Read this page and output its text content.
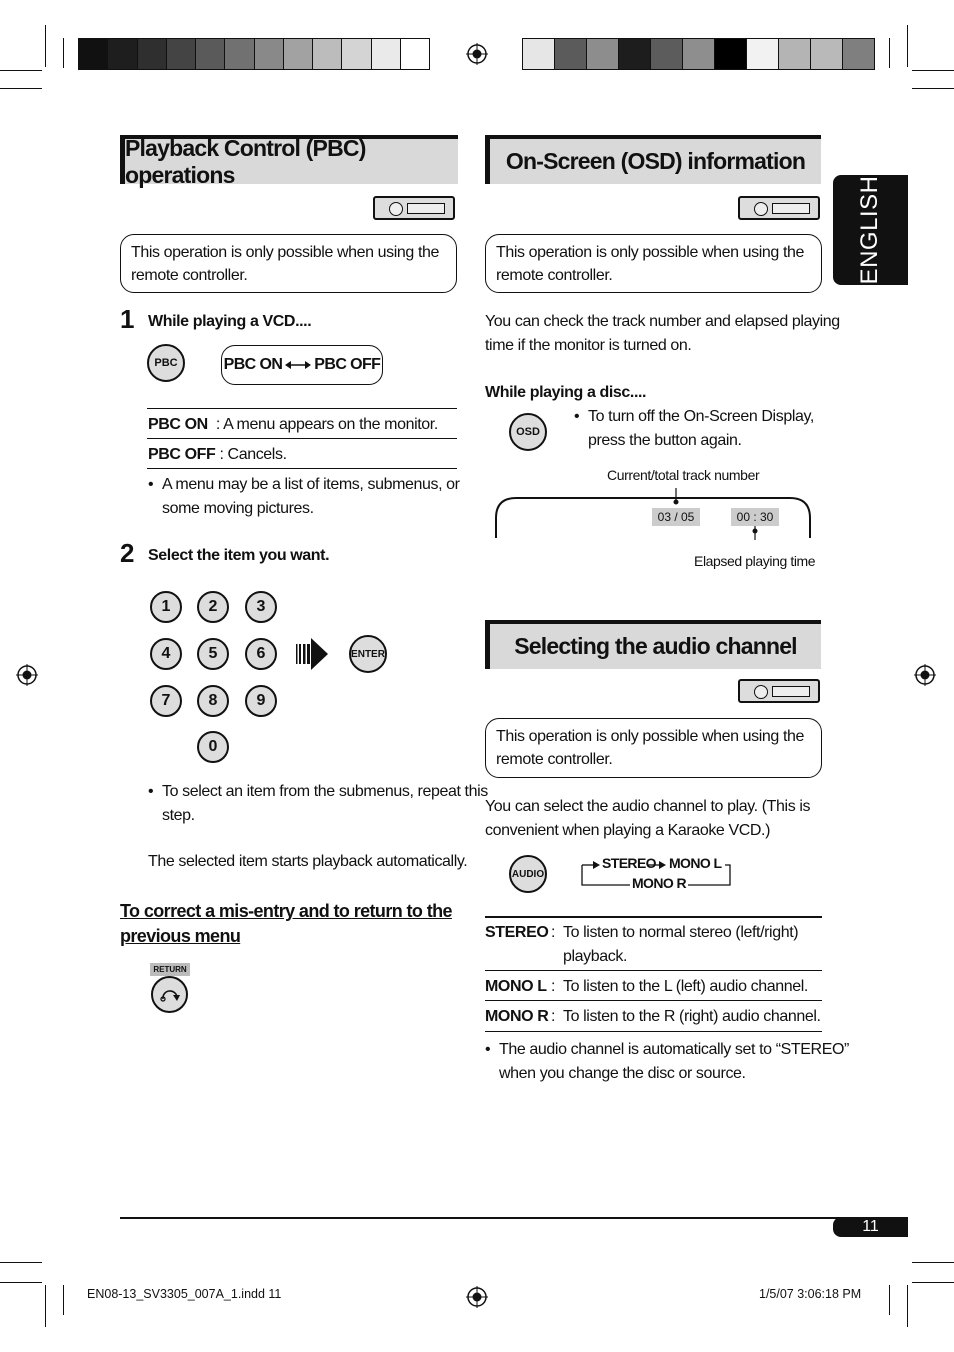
ENGLISH
Playback Control (PBC) operations
This operation is only possible when using the
remote controller.
1 While playing a VCD....
PBC	PBC ON PBC OFF
PBC ON : A menu appears on the monitor.
PBC OFF : Cancels.
• A menu may be a list of items, submenus, or
some moving pictures.
2 Select the item you want.
1	2	3
4	5	6
7	8	9
0
ENTER
• To select an item from the submenus, repeat this
step.
The selected item starts playback automatically.
To correct a mis-entry and to return to the
previous menu
RETURN
On-Screen (OSD) information
This operation is only possible when using the
remote controller.
You can check the track number and elapsed playing
time if the monitor is turned on.
While playing a disc....
OSD
• To turn off the On-Screen Display,
press the button again.
Current/total track number
03 / 05	00 : 30
Elapsed playing time
Selecting the audio channel
This operation is only possible when using the
remote controller.
You can select the audio channel to play. (This is
convenient when playing a Karaoke VCD.)
AUDIO
STEREO MONO L
MONO R
STEREO : To listen to normal stereo (left/right)
playback.
MONO L : To listen to the L (left) audio channel.
MONO R : To listen to the R (right) audio channel.
• The audio channel is automatically set to “STEREO”
when you change the disc or source.
11
EN08-13_SV3305_007A_1.indd 11	1/5/07 3:06:18 PM
